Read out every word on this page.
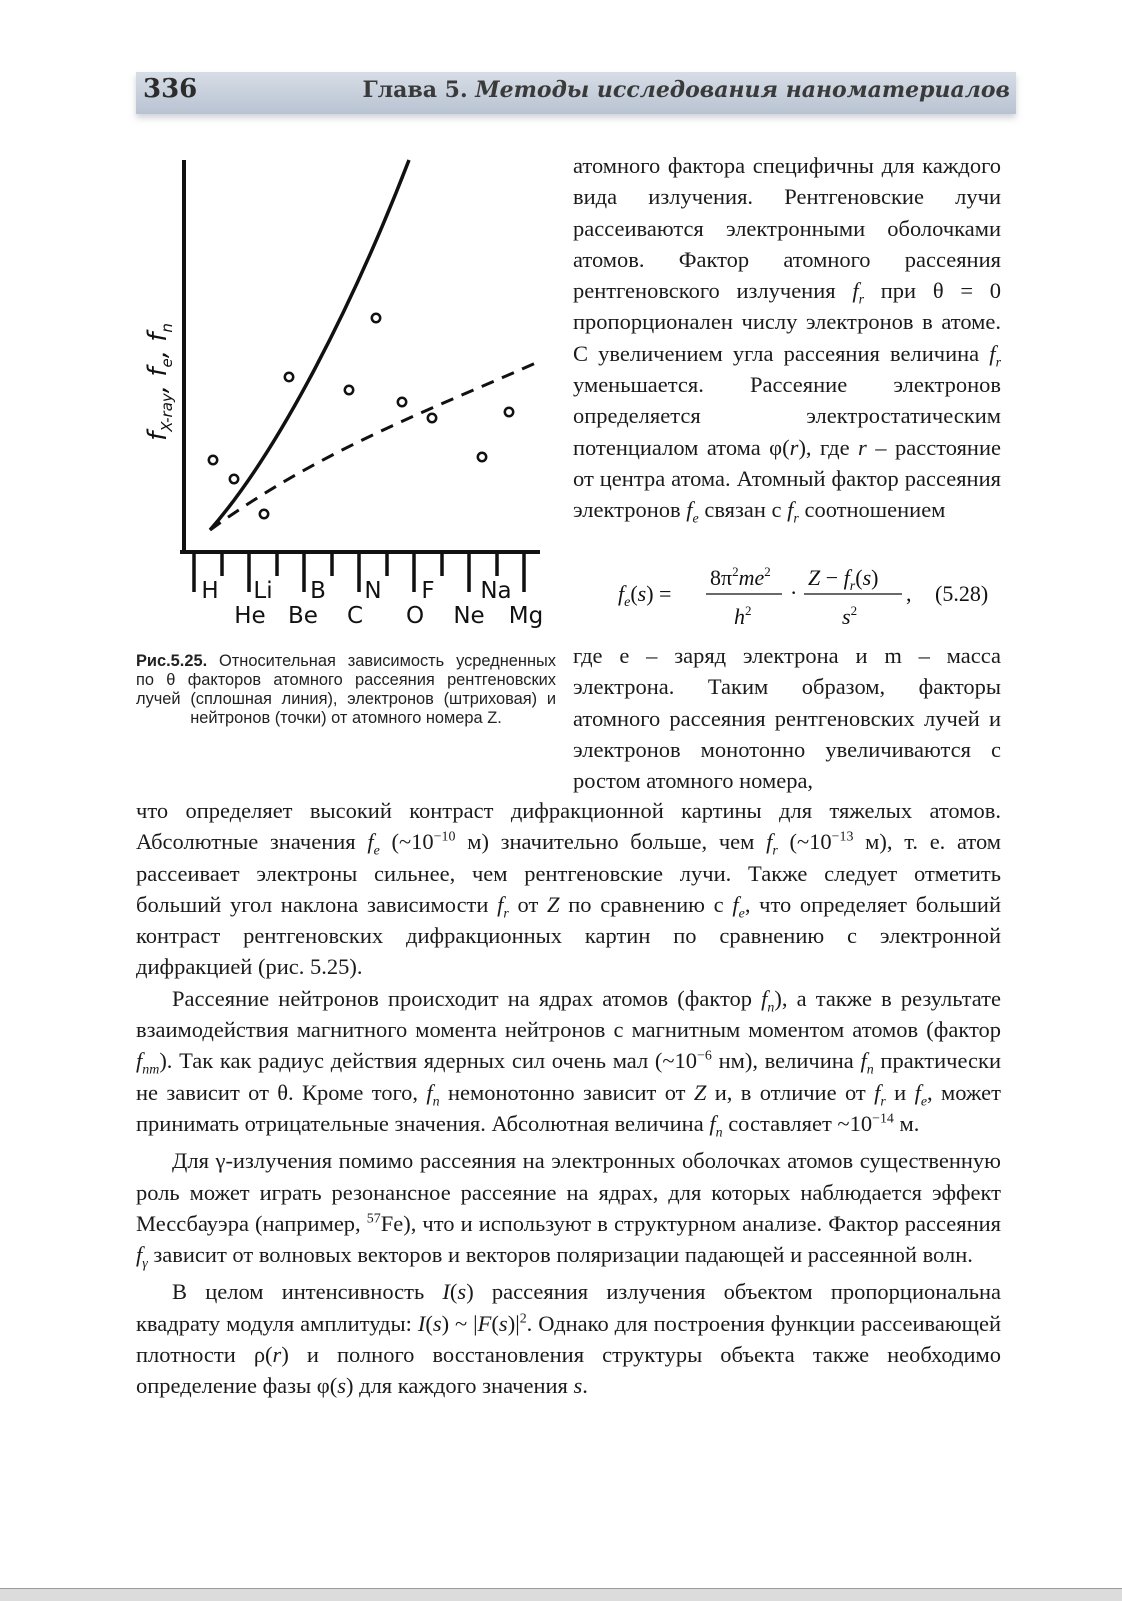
336	Глава 5. Методы исследования наноматериалов
$f_{X-ray}$, $f_e$, $f_n$
H Li B N F Na
He Be C O Ne Mg
Рис.5.25. Относительная зависимость усредненных по θ факторов атомного рассеяния рентгеновских лучей (сплошная линия), электронов (штриховая) и нейтронов (точки) от атомного номера Z.

атомного фактора специфичны для каждого вида излучения. Рентгеновские лучи рассеиваются электронными оболочками атомов. Фактор атомного рассеяния рентгеновского излучения $f_r$ при θ = 0 пропорционален числу электронов в атоме. С увеличением угла рассеяния величина $f_r$ уменьшается. Рассеяние электронов определяется электростатическим потенциалом атома φ(r), где r – расстояние от центра атома. Атомный фактор рассеяния электронов $f_e$ связан с $f_r$ соотношением

$f_e(s)$ =
$8\pi^2me^2$
$h^2$
·
$Z - f_r(s)$
$s^2$
, (5.28)

где e – заряд электрона и m – масса электрона. Таким образом, факторы атомного рассеяния рентгеновских лучей и электронов монотонно увеличиваются с ростом атомного номера,

что определяет высокий контраст дифракционной картины для тяжелых атомов. Абсолютные значения $f_e$ ($\sim 10^{-10}$ м) значительно больше, чем $f_r$ ($\sim 10^{-13}$ м), т. е. атом рассеивает электроны сильнее, чем рентгеновские лучи. Также следует отметить больший угол наклона зависимости $f_r$ от Z по сравнению с $f_e$, что определяет больший контраст рентгеновских дифракционных картин по сравнению с электронной дифракцией (рис. 5.25).

Рассеяние нейтронов происходит на ядрах атомов (фактор $f_n$), а также в результате взаимодействия магнитного момента нейтронов с магнитным моментом атомов (фактор $f_{nm}$). Так как радиус действия ядерных сил очень мал ($\sim 10^{-6}$ нм), величина $f_n$ практически не зависит от θ. Кроме того, $f_n$ немонотонно зависит от Z и, в отличие от $f_r$ и $f_e$, может принимать отрицательные значения. Абсолютная величина $f_n$ составляет $\sim 10^{-14}$ м.

Для γ-излучения помимо рассеяния на электронных оболочках атомов существенную роль может играть резонансное рассеяние на ядрах, для которых наблюдается эффект Мессбауэра (например, $^{57}$Fe), что и используют в структурном анализе. Фактор рассеяния $f_\gamma$ зависит от волновых векторов и векторов поляризации падающей и рассеянной волн.

В целом интенсивность I(s) рассеяния излучения объектом пропорциональна квадрату модуля амплитуды: I(s) ~ $|F(s)|^2$. Однако для построения функции рассеивающей плотности ρ(r) и полного восстановления структуры объекта также необходимо определение фазы φ(s) для каждого значения s.
